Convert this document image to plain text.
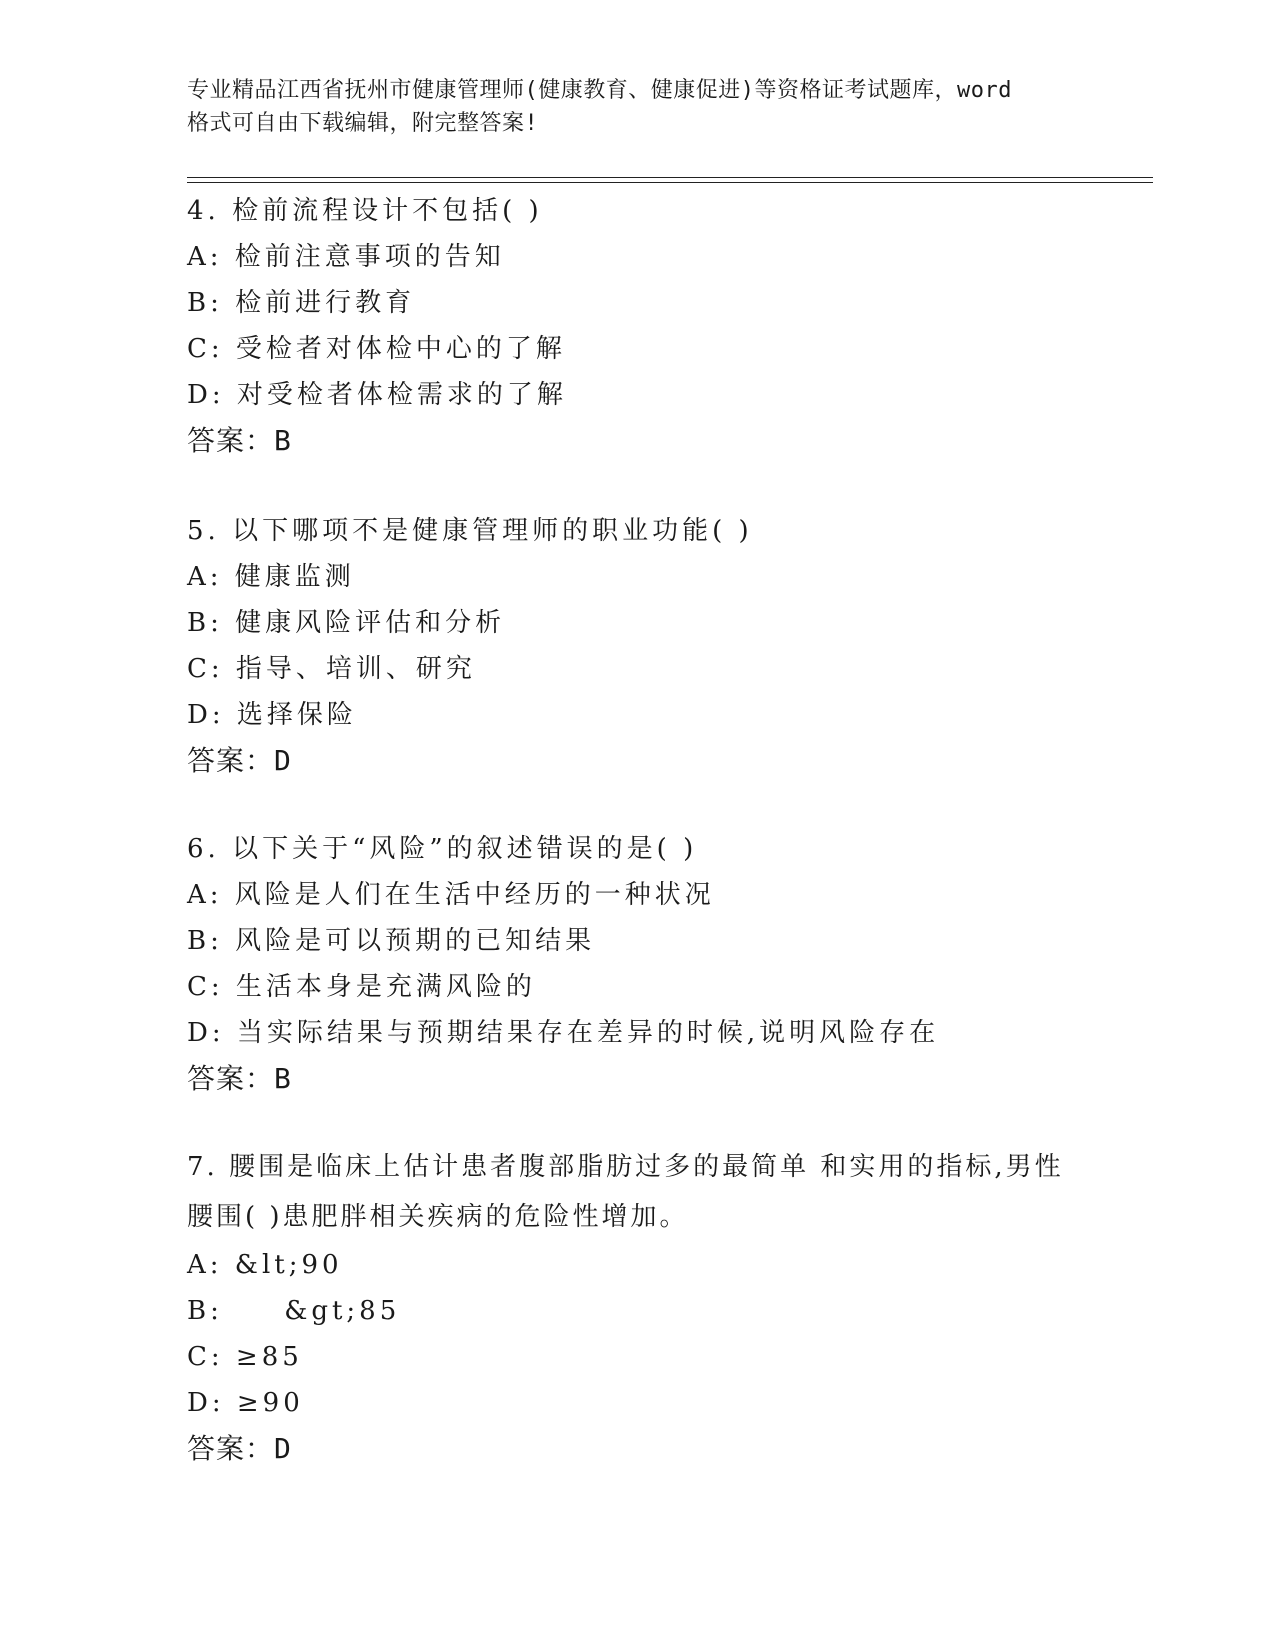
专业精品江西省抚州市健康管理师(健康教育、健康促进)等资格证考试题库，word
格式可自由下载编辑，附完整答案!
4. 检前流程设计不包括( )
A: 检前注意事项的告知
B: 检前进行教育
C: 受检者对体检中心的了解
D: 对受检者体检需求的了解
答案：B
5. 以下哪项不是健康管理师的职业功能( )
A: 健康监测
B: 健康风险评估和分析
C: 指导、培训、研究
D: 选择保险
答案：D
6. 以下关于“风险”的叙述错误的是( )
A: 风险是人们在生活中经历的一种状况
B: 风险是可以预期的已知结果
C: 生活本身是充满风险的
D: 当实际结果与预期结果存在差异的时候,说明风险存在
答案：B
7. 腰围是临床上估计患者腹部脂肪过多的最简单 和实用的指标,男性
腰围( )患肥胖相关疾病的危险性增加。
A: &lt;90
B:     &gt;85
C: ≥85
D: ≥90
答案：D
